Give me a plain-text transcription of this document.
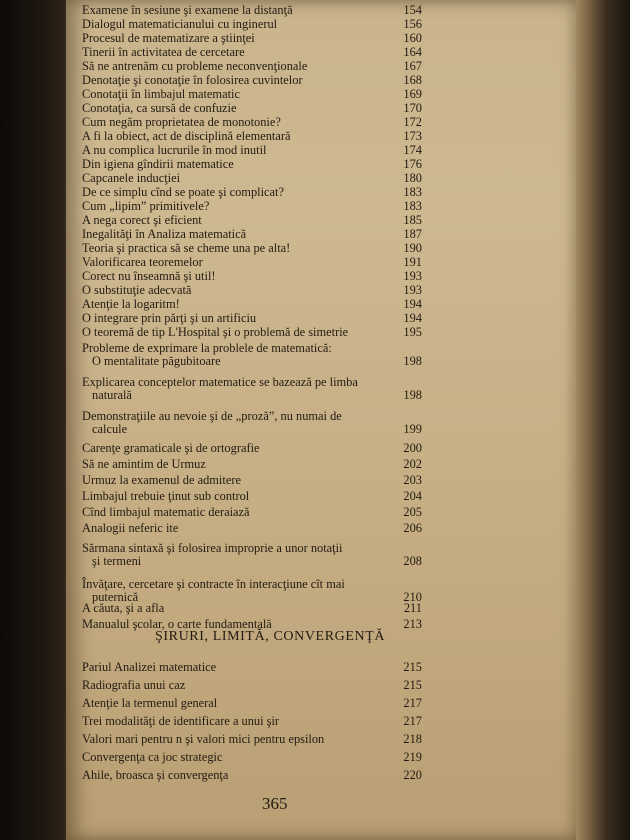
Examene în sesiune şi examene la distanţă	154
Dialogul matematicianului cu inginerul	156
Procesul de matematizare a ştiinţei	160
Tinerii în activitatea de cercetare	164
Să ne antrenăm cu probleme neconvenţionale	167
Denotaţie şi conotaţie în folosirea cuvintelor	168
Conotaţii în limbajul matematic	169
Conotaţia, ca sursă de confuzie	170
Cum negăm proprietatea de monotonie?	172
A fi la obiect, act de disciplină elementară	173
A nu complica lucrurile în mod inutil	174
Din igiena gîndirii matematice	176
Capcanele inducţiei	180
De ce simplu cînd se poate şi complicat?	183
Cum „lipim” primitivele?	183
A nega corect şi eficient	185
Inegalităţi în Analiza matematică	187
Teoria şi practica să se cheme una pe alta!	190
Valorificarea teoremelor	191
Corect nu înseamnă şi util!	193
O substituţie adecvată	193
Atenţie la logaritm!	194
O integrare prin părţi şi un artificiu	194
O teoremă de tip L'Hospital şi o problemă de simetrie	195
Probleme de exprimare la problele de matematică:
O mentalitate păgubitoare	198
Explicarea conceptelor matematice se bazează pe limba
naturală	198
Demonstraţiile au nevoie şi de „proză”, nu numai de
calcule	199
Carenţe gramaticale şi de ortografie	200
Să ne amintim de Urmuz	202
Urmuz la examenul de admitere	203
Limbajul trebuie ţinut sub control	204
Cînd limbajul matematic deraiază	205
Analogii neferic ite	206
Sărmana sintaxă şi folosirea improprie a unor notaţii
şi termeni	208
Învăţare, cercetare şi contracte în interacţiune cît mai
puternică	210
A căuta, şi a afla	211
Manualul şcolar, o carte fundamentală	213
Pariul Analizei matematice	215
Radiografia unui caz	215
Atenţie la termenul general	217
Trei modalităţi de identificare a unui şir	217
Valori mari pentru n şi valori mici pentru epsilon	218
Convergenţa ca joc strategic	219
Ahile, broasca şi convergenţa	220
ŞIRURI, LIMITĂ, CONVERGENŢĂ
365
